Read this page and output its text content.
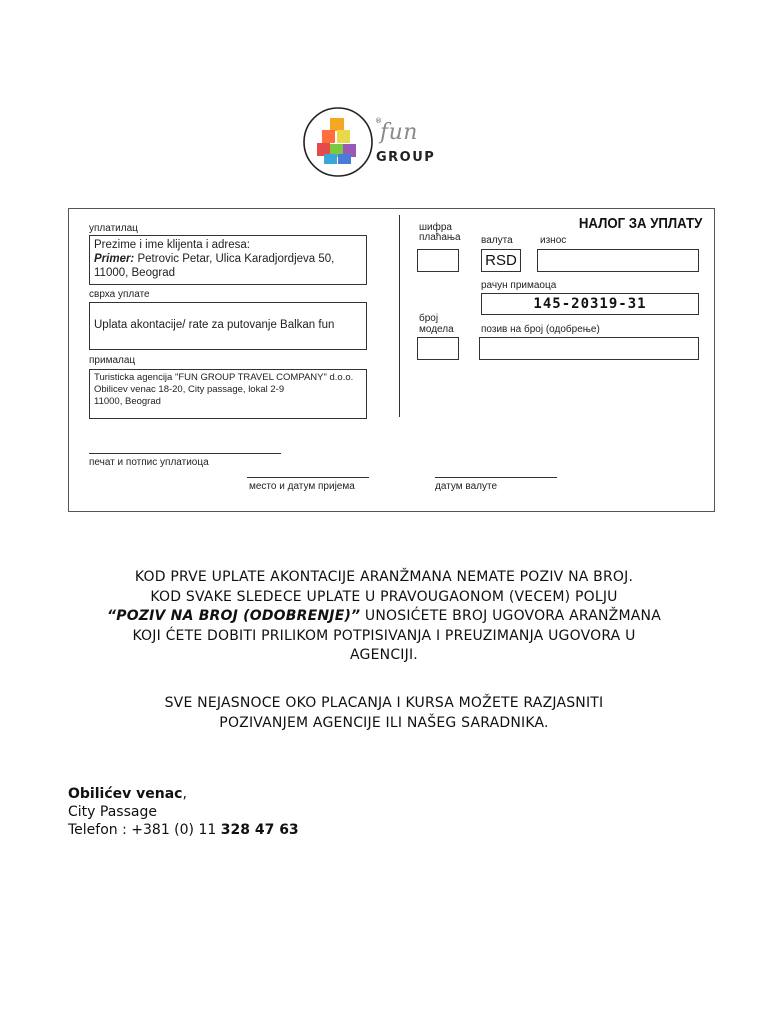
®
fun
GROUP
уплатилац
Prezime i ime klijenta i adresa:
Primer: Petrovic Petar, Ulica Karadjordjeva 50,
11000, Beograd
сврха уплате
Uplata akontacije/ rate za putovanje Balkan fun
прималац
Turisticka agencija "FUN GROUP TRAVEL COMPANY" d.o.o.
Obilicev venac 18-20, City passage, lokal 2-9
11000, Beograd
печат и потпис уплатиоца
место и датум пријема	датум валуте
НАЛОГ ЗА УПЛАТУ
шифра
плаћања валута
RSD
износ
рачун примаоца
145-20319-31
број
модела	позив на број (одобрење)
KOD PRVE UPLATE AKONTACIJE ARANŽMANA NEMATE POZIV NA BROJ.
KOD SVAKE SLEDECE UPLATE U PRAVOUGAONOM (VECEM) POLJU
“POZIV NA BROJ (ODOBRENJE)” UNOSIĆETE BROJ UGOVORA ARANŽMANA
KOJI ĆETE DOBITI PRILIKOM POTPISIVANJA I PREUZIMANJA UGOVORA U
AGENCIJI.
SVE NEJASNOCE OKO PLACANJA I KURSA MOŽETE RAZJASNITI
POZIVANJEM AGENCIJE ILI NAŠEG SARADNIKA.
Obilićev venac,
City Passage
Telefon : +381 (0) 11 328 47 63
